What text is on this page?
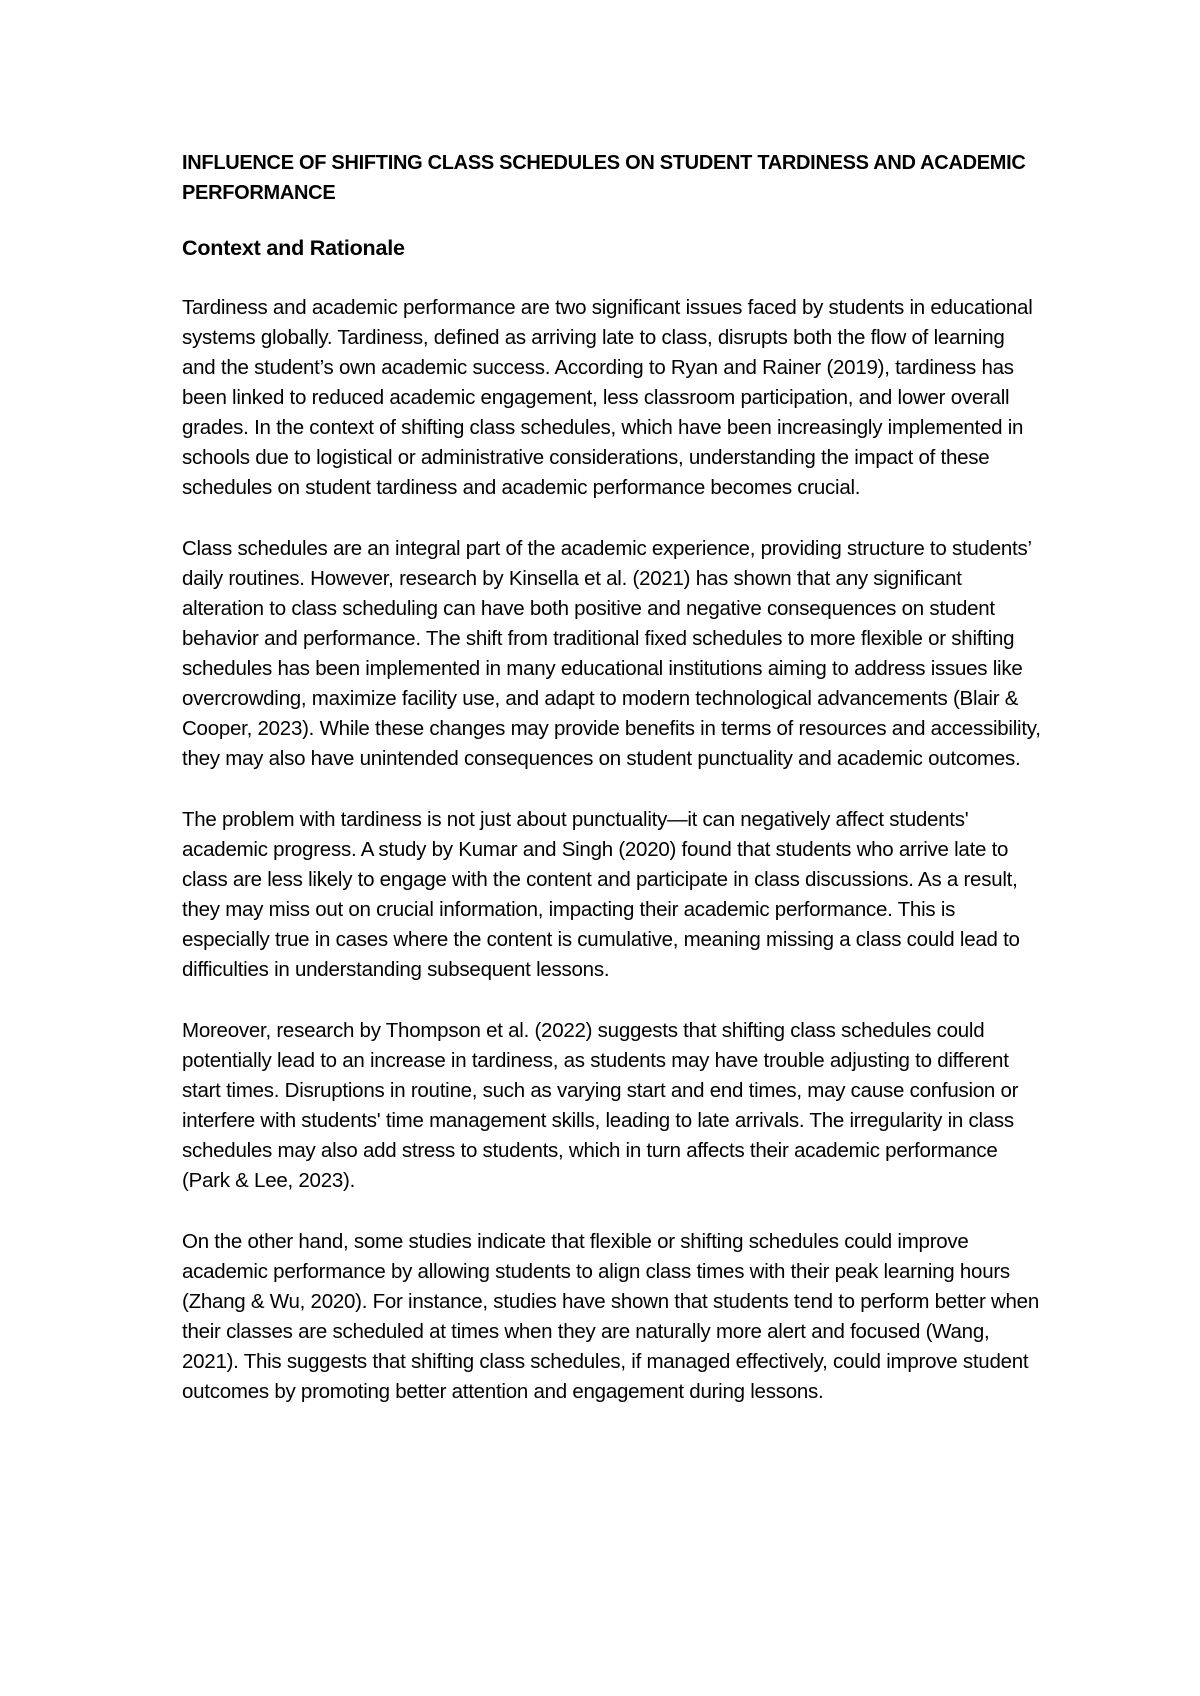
INFLUENCE OF SHIFTING CLASS SCHEDULES ON STUDENT TARDINESS AND ACADEMIC PERFORMANCE
Context and Rationale

Tardiness and academic performance are two significant issues faced by students in educational systems globally. Tardiness, defined as arriving late to class, disrupts both the flow of learning and the student’s own academic success. According to Ryan and Rainer (2019), tardiness has been linked to reduced academic engagement, less classroom participation, and lower overall grades. In the context of shifting class schedules, which have been increasingly implemented in schools due to logistical or administrative considerations, understanding the impact of these schedules on student tardiness and academic performance becomes crucial.

Class schedules are an integral part of the academic experience, providing structure to students’ daily routines. However, research by Kinsella et al. (2021) has shown that any significant alteration to class scheduling can have both positive and negative consequences on student behavior and performance. The shift from traditional fixed schedules to more flexible or shifting schedules has been implemented in many educational institutions aiming to address issues like overcrowding, maximize facility use, and adapt to modern technological advancements (Blair & Cooper, 2023). While these changes may provide benefits in terms of resources and accessibility, they may also have unintended consequences on student punctuality and academic outcomes.

The problem with tardiness is not just about punctuality—it can negatively affect students' academic progress. A study by Kumar and Singh (2020) found that students who arrive late to class are less likely to engage with the content and participate in class discussions. As a result, they may miss out on crucial information, impacting their academic performance. This is especially true in cases where the content is cumulative, meaning missing a class could lead to difficulties in understanding subsequent lessons.

Moreover, research by Thompson et al. (2022) suggests that shifting class schedules could potentially lead to an increase in tardiness, as students may have trouble adjusting to different start times. Disruptions in routine, such as varying start and end times, may cause confusion or interfere with students' time management skills, leading to late arrivals. The irregularity in class schedules may also add stress to students, which in turn affects their academic performance (Park & Lee, 2023).

On the other hand, some studies indicate that flexible or shifting schedules could improve academic performance by allowing students to align class times with their peak learning hours (Zhang & Wu, 2020). For instance, studies have shown that students tend to perform better when their classes are scheduled at times when they are naturally more alert and focused (Wang, 2021). This suggests that shifting class schedules, if managed effectively, could improve student outcomes by promoting better attention and engagement during lessons.
